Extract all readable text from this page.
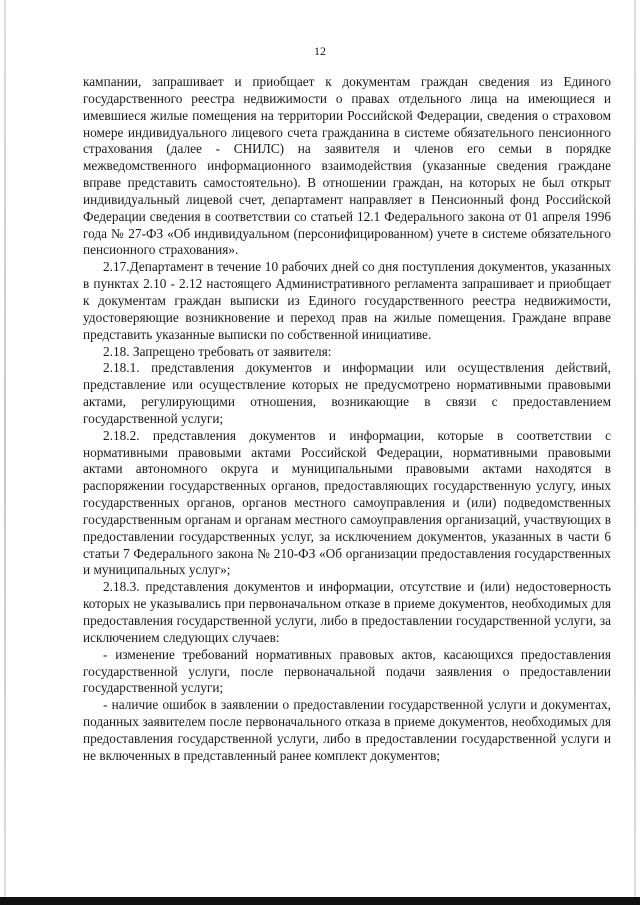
12

кампании, запрашивает и приобщает к документам граждан сведения из Единого государственного реестра недвижимости о правах отдельного лица на имеющиеся и имевшиеся жилые помещения на территории Российской Федерации, сведения о страховом номере индивидуального лицевого счета гражданина в системе обязательного пенсионного страхования (далее - СНИЛС) на заявителя и членов его семьи в порядке межведомственного информационного взаимодействия (указанные сведения граждане вправе представить самостоятельно). В отношении граждан, на которых не был открыт индивидуальный лицевой счет, департамент направляет в Пенсионный фонд Российской Федерации сведения в соответствии со статьей 12.1 Федерального закона от 01 апреля 1996 года № 27-ФЗ «Об индивидуальном (персонифицированном) учете в системе обязательного пенсионного страхования».

2.17.Департамент в течение 10 рабочих дней со дня поступления документов, указанных в пунктах 2.10 - 2.12 настоящего Административного регламента запрашивает и приобщает к документам граждан выписки из Единого государственного реестра недвижимости, удостоверяющие возникновение и переход прав на жилые помещения. Граждане вправе представить указанные выписки по собственной инициативе.

2.18. Запрещено требовать от заявителя:

2.18.1. представления документов и информации или осуществления действий, представление или осуществление которых не предусмотрено нормативными правовыми актами, регулирующими отношения, возникающие в связи с предоставлением государственной услуги;

2.18.2. представления документов и информации, которые в соответствии с нормативными правовыми актами Российской Федерации, нормативными правовыми актами автономного округа и муниципальными правовыми актами находятся в распоряжении государственных органов, предоставляющих государственную услугу, иных государственных органов, органов местного самоуправления и (или) подведомственных государственным органам и органам местного самоуправления организаций, участвующих в предоставлении государственных услуг, за исключением документов, указанных в части 6 статьи 7 Федерального закона № 210-ФЗ «Об организации предоставления государственных и муниципальных услуг»;

2.18.3. представления документов и информации, отсутствие и (или) недостоверность которых не указывались при первоначальном отказе в приеме документов, необходимых для предоставления государственной услуги, либо в предоставлении государственной услуги, за исключением следующих случаев:

- изменение требований нормативных правовых актов, касающихся предоставления государственной услуги, после первоначальной подачи заявления о предоставлении государственной услуги;

- наличие ошибок в заявлении о предоставлении государственной услуги и документах, поданных заявителем после первоначального отказа в приеме документов, необходимых для предоставления государственной услуги, либо в предоставлении государственной услуги и не включенных в представленный ранее комплект документов;
